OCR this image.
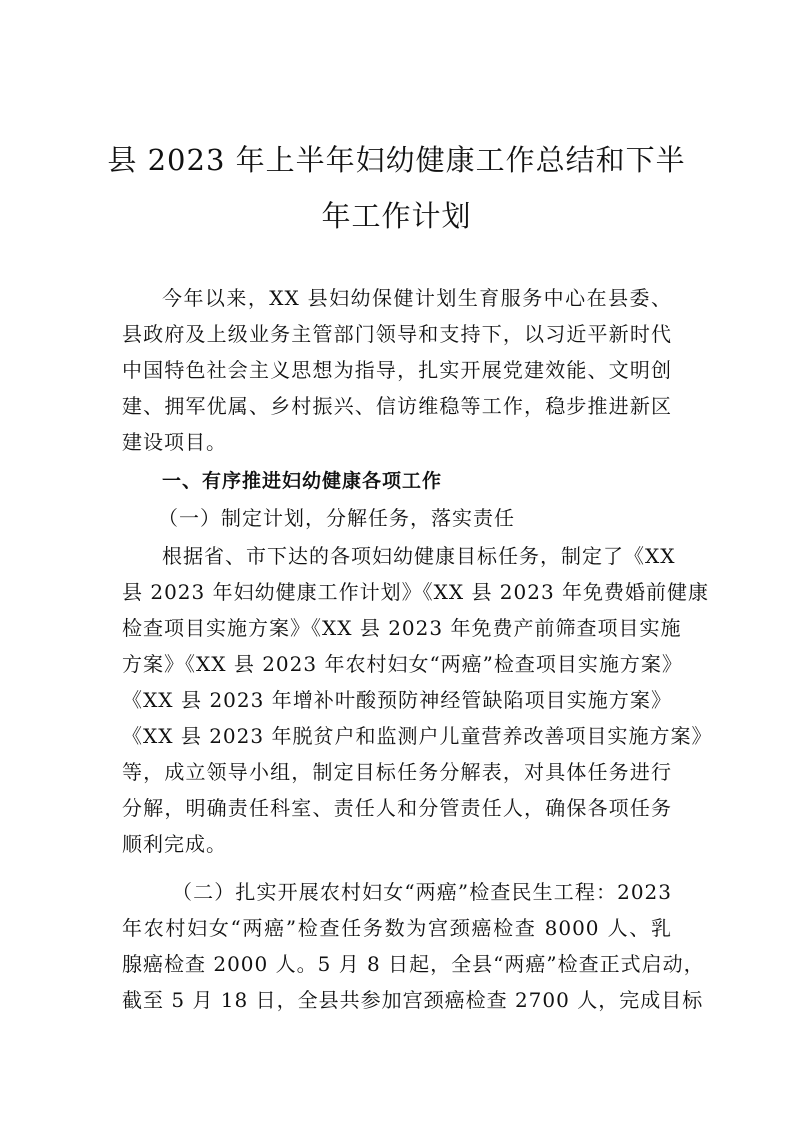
县 2023 年上半年妇幼健康工作总结和下半
年工作计划
今年以来，XX 县妇幼保健计划生育服务中心在县委、
县政府及上级业务主管部门领导和支持下，以习近平新时代
中国特色社会主义思想为指导，扎实开展党建效能、文明创
建、拥军优属、乡村振兴、信访维稳等工作，稳步推进新区
建设项目。
一、有序推进妇幼健康各项工作
（一）制定计划，分解任务，落实责任
根据省、市下达的各项妇幼健康目标任务，制定了《XX
县 2023 年妇幼健康工作计划》《XX 县 2023 年免费婚前健康
检查项目实施方案》《XX 县 2023 年免费产前筛查项目实施
方案》《XX 县 2023 年农村妇女“两癌”检查项目实施方案》
《XX 县 2023 年增补叶酸预防神经管缺陷项目实施方案》
《XX 县 2023 年脱贫户和监测户儿童营养改善项目实施方案》
等，成立领导小组，制定目标任务分解表，对具体任务进行
分解，明确责任科室、责任人和分管责任人，确保各项任务
顺利完成。
（二）扎实开展农村妇女“两癌”检查民生工程：2023
年农村妇女“两癌”检查任务数为宫颈癌检查 8000 人、乳
腺癌检查 2000 人。5 月 8 日起，全县“两癌”检查正式启动，
截至 5 月 18 日，全县共参加宫颈癌检查 2700 人，完成目标
